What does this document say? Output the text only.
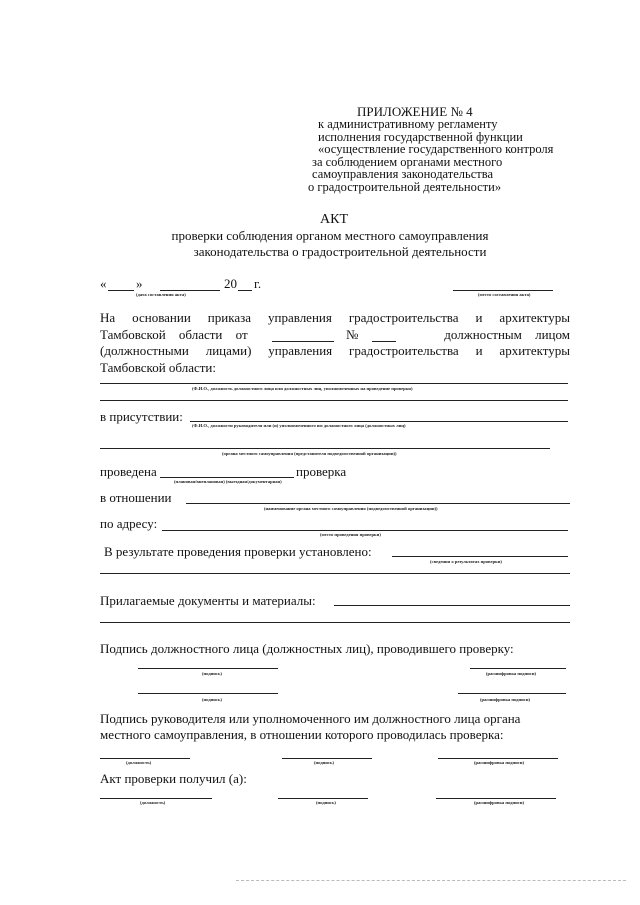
ПРИЛОЖЕНИЕ № 4
к административному регламенту
исполнения государственной функции
«осуществление государственного контроля
за соблюдением органами местного
самоуправления законодательства
о градостроительной деятельности»
АКТ
проверки соблюдения органом местного самоуправления
законодательства о градостроительной деятельности
« »	20 г.
(дата составления акта)	(место составления акта)
На основании приказа управления градостроительства и архитектуры
Тамбовской области от	№	должностным лицом
(должностными лицами) управления градостроительства и архитектуры
Тамбовской области:
(Ф.И.О., должность должностного лица или должностных лиц, уполномоченных на проведение проверки)
в присутствии:
(Ф.И.О., должности руководителя или (и) уполномоченного им должностного лица (должностных лиц)
(органа местного самоуправления (представителя подведомственной организации))
проведена	проверка
(плановая/внеплановая) (выездная/документарная)
в отношении
(наименование органа местного самоуправления (подведомственной организации))
по адресу:
(место проведения проверки)
В результате проведения проверки установлено:
(сведения о результатах проверки)
Прилагаемые документы и материалы:
Подпись должностного лица (должностных лиц), проводившего проверку:
(подпись)	(расшифровка подписи)
(подпись)	(расшифровка подписи)
Подпись руководителя или уполномоченного им должностного лица органа
местного самоуправления, в отношении которого проводилась проверка:
(должность)	(подпись)	(расшифровка подписи)
Акт проверки получил (а):
(должность)	(подпись)	(расшифровка подписи)
